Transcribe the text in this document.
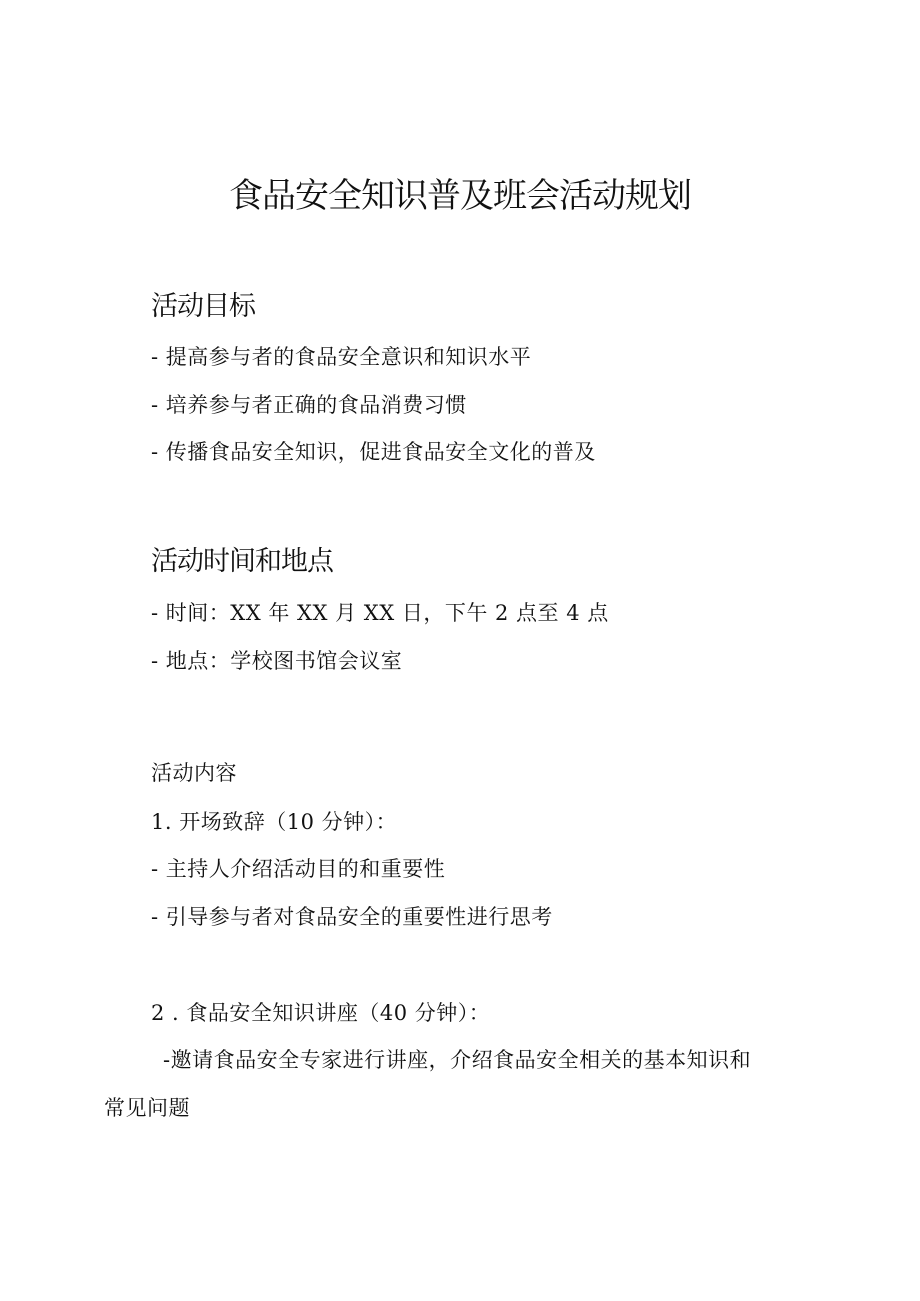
食品安全知识普及班会活动规划
活动目标
- 提高参与者的食品安全意识和知识水平
- 培养参与者正确的食品消费习惯
- 传播食品安全知识，促进食品安全文化的普及
活动时间和地点
- 时间：XX 年 XX 月 XX 日，下午 2 点至 4 点
- 地点：学校图书馆会议室
活动内容
1. 开场致辞（10 分钟）：
- 主持人介绍活动目的和重要性
- 引导参与者对食品安全的重要性进行思考
2 . 食品安全知识讲座（40 分钟）：
-邀请食品安全专家进行讲座，介绍食品安全相关的基本知识和
常见问题
